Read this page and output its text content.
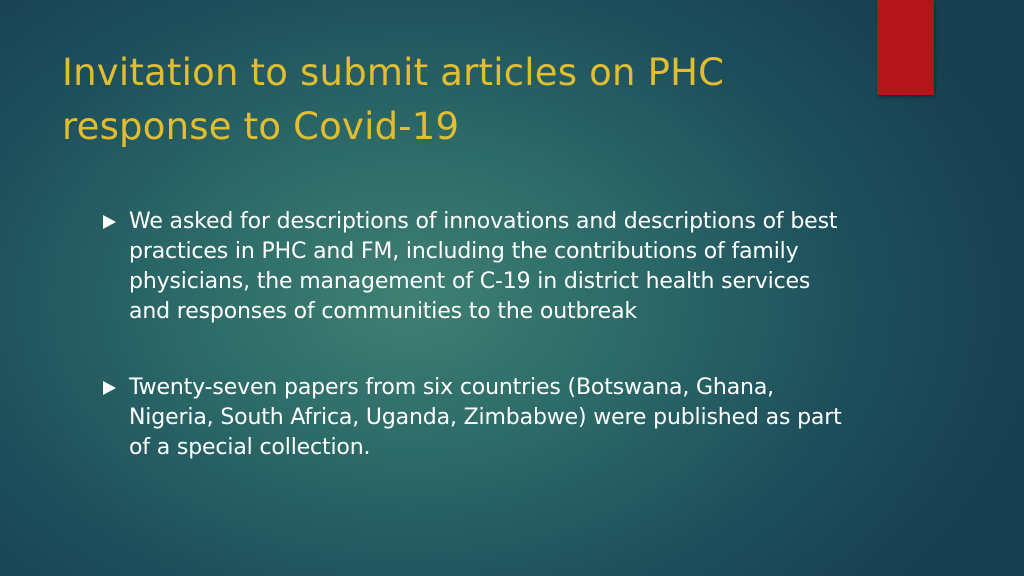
Invitation to submit articles on PHC response to Covid-19
We asked for descriptions of innovations and descriptions of best practices in PHC and FM, including the contributions of family physicians, the management of C-19 in district health services and responses of communities to the outbreak
Twenty-seven papers from six countries (Botswana, Ghana, Nigeria, South Africa, Uganda, Zimbabwe) were published as part of a special collection.
